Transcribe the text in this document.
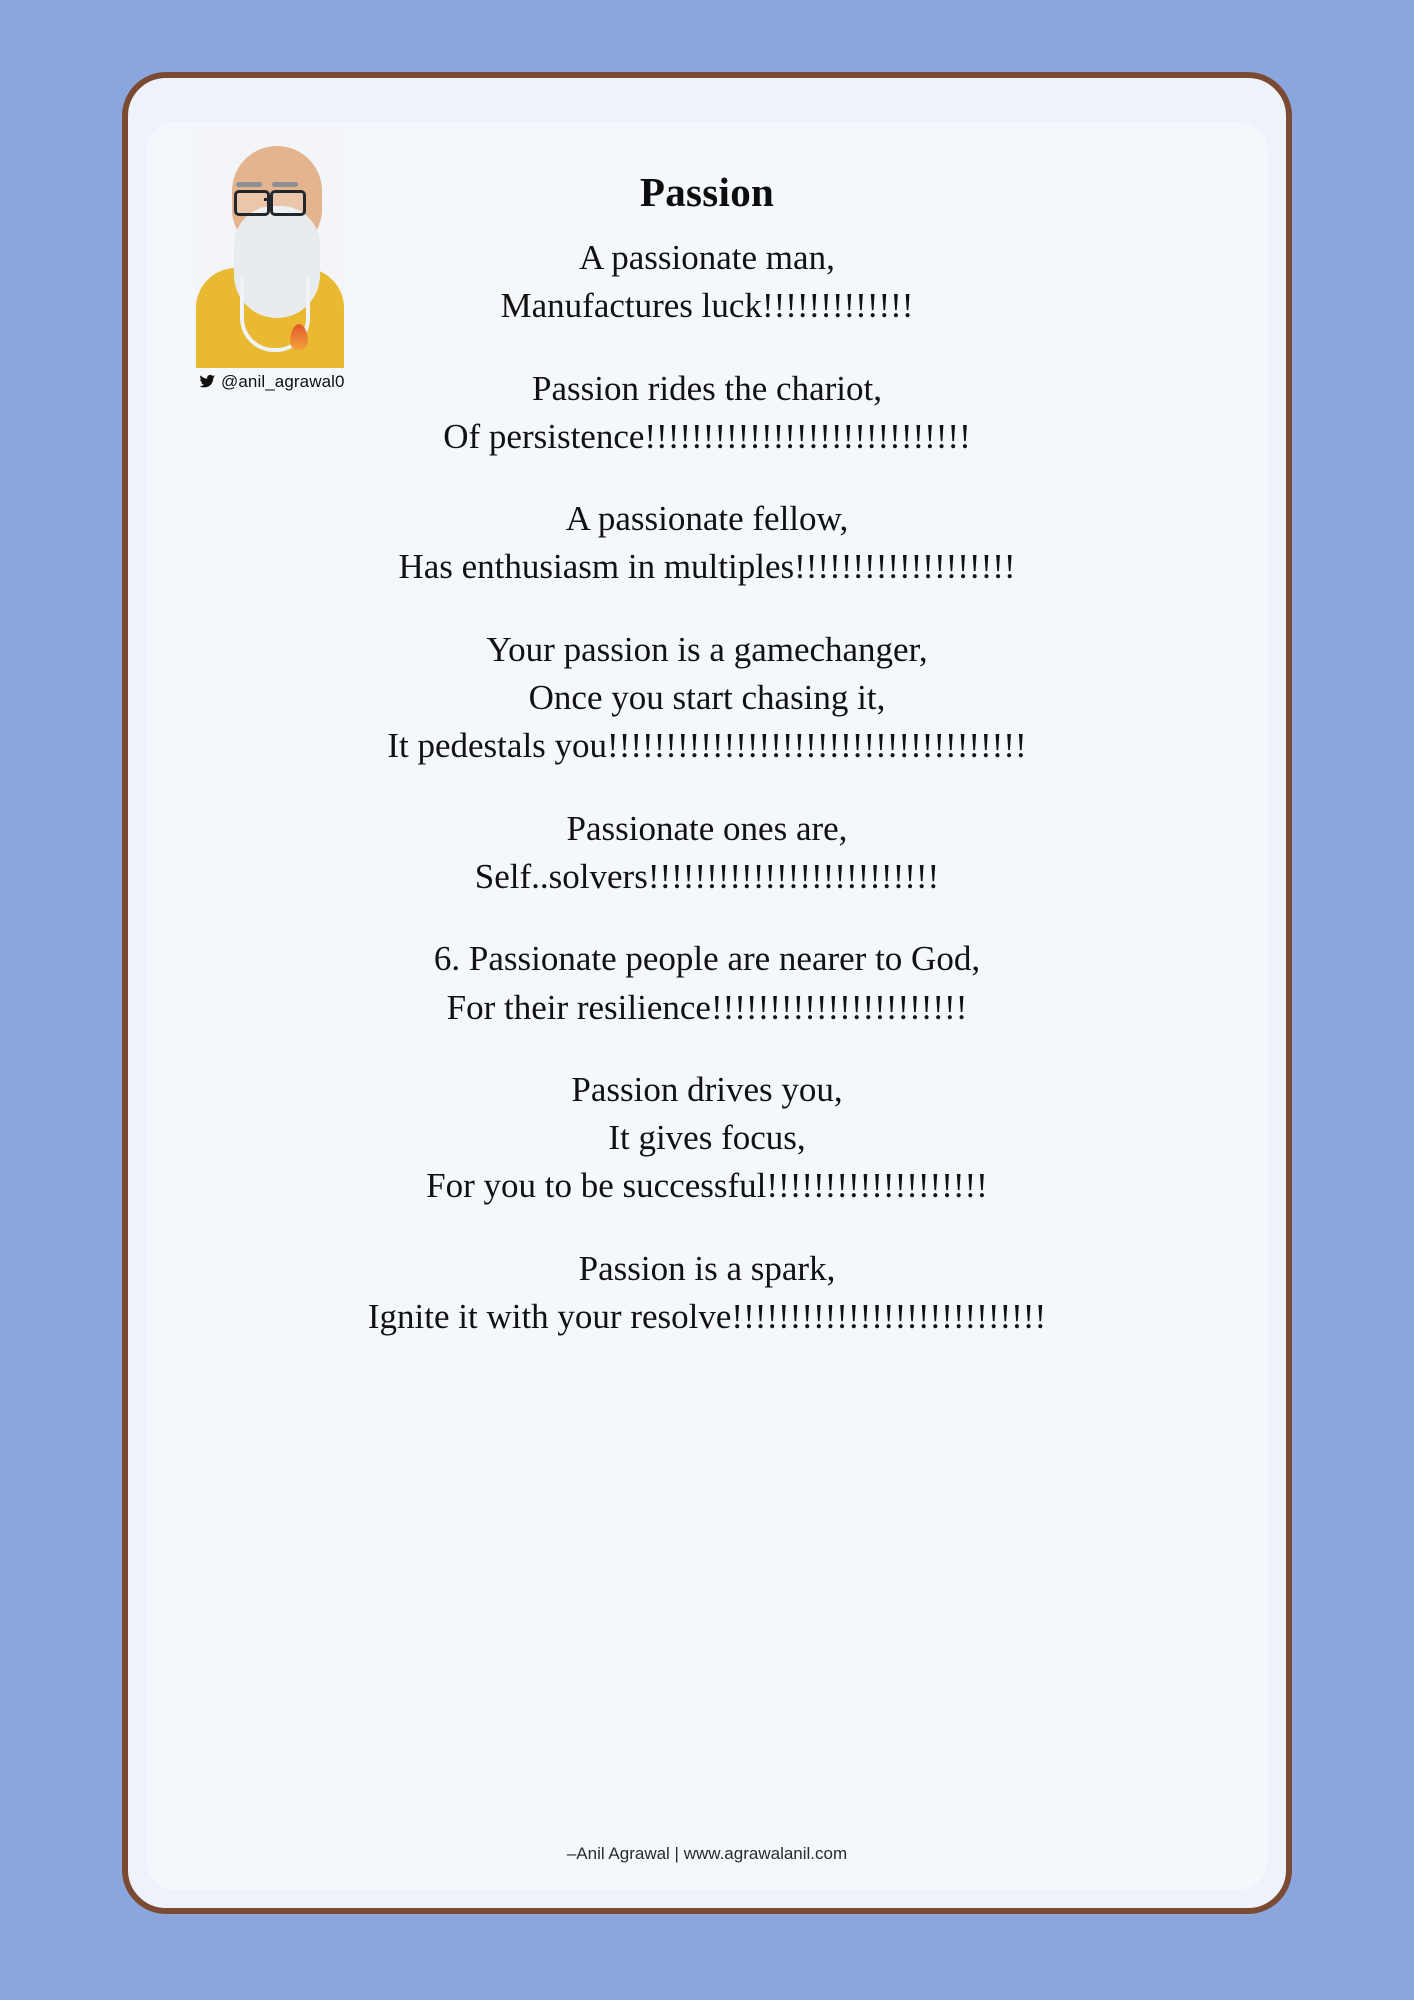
@anil_agrawal0
Passion

A passionate man,
Manufactures luck!!!!!!!!!!!!!

Passion rides the chariot,
Of persistence!!!!!!!!!!!!!!!!!!!!!!!!!!!!

A passionate fellow,
Has enthusiasm in multiples!!!!!!!!!!!!!!!!!!!

Your passion is a gamechanger,
Once you start chasing it,
It pedestals you!!!!!!!!!!!!!!!!!!!!!!!!!!!!!!!!!!!!

Passionate ones are,
Self..solvers!!!!!!!!!!!!!!!!!!!!!!!!!

6. Passionate people are nearer to God,
For their resilience!!!!!!!!!!!!!!!!!!!!!!

Passion drives you,
It gives focus,
For you to be successful!!!!!!!!!!!!!!!!!!!

Passion is a spark,
Ignite it with your resolve!!!!!!!!!!!!!!!!!!!!!!!!!!!

–Anil Agrawal | www.agrawalanil.com
